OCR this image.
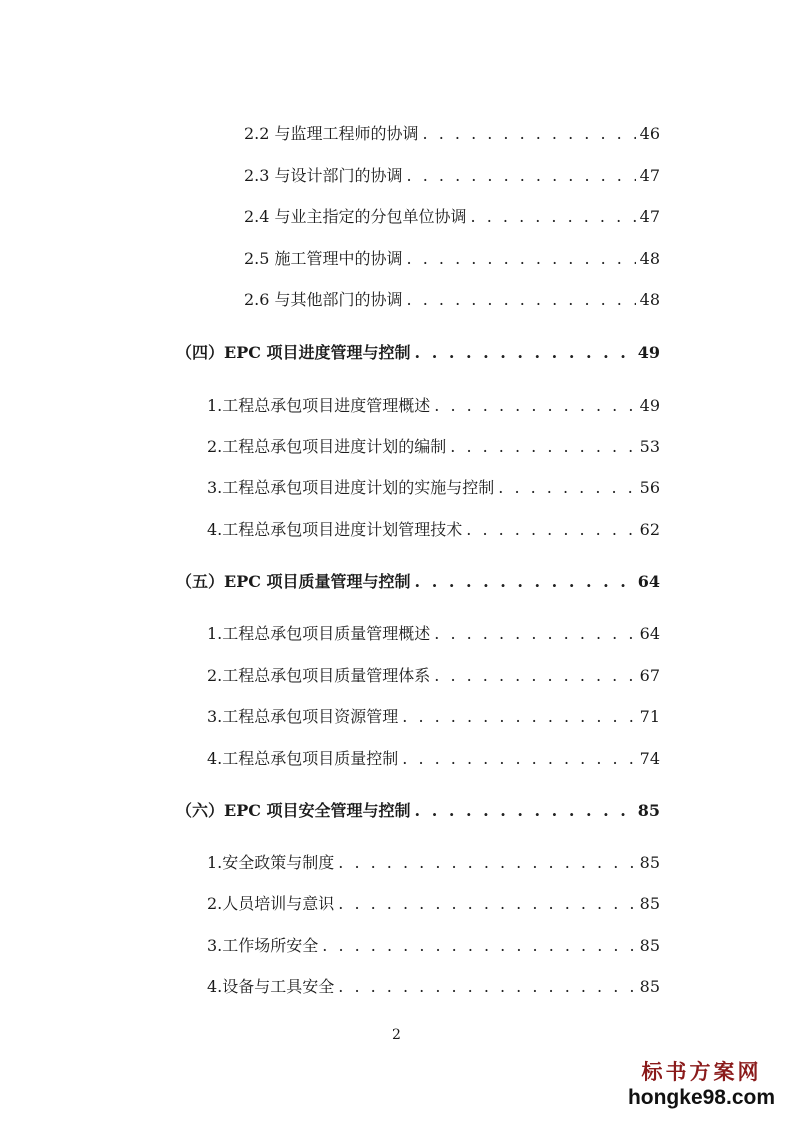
2.2 与监理工程师的协调 . . .	46
2.3 与设计部门的协调 . . .	47
2.4 与业主指定的分包单位协调 . . .	47
2.5 施工管理中的协调 . . .	48
2.6 与其他部门的协调 . . .	48
（四）EPC 项目进度管理与控制 . . .	49
1.工程总承包项目进度管理概述 . . .	49
2.工程总承包项目进度计划的编制 . . .	53
3.工程总承包项目进度计划的实施与控制 . . .	56
4.工程总承包项目进度计划管理技术 . . .	62
（五）EPC 项目质量管理与控制 . . .	64
1.工程总承包项目质量管理概述 . . .	64
2.工程总承包项目质量管理体系 . . .	67
3.工程总承包项目资源管理 . . .	71
4.工程总承包项目质量控制 . . .	74
（六）EPC 项目安全管理与控制 . . .	85
1.安全政策与制度 . . .	85
2.人员培训与意识 . . .	85
3.工作场所安全 . . .	85
4.设备与工具安全 . . .	85
2
标书方案网
hongke98.com
